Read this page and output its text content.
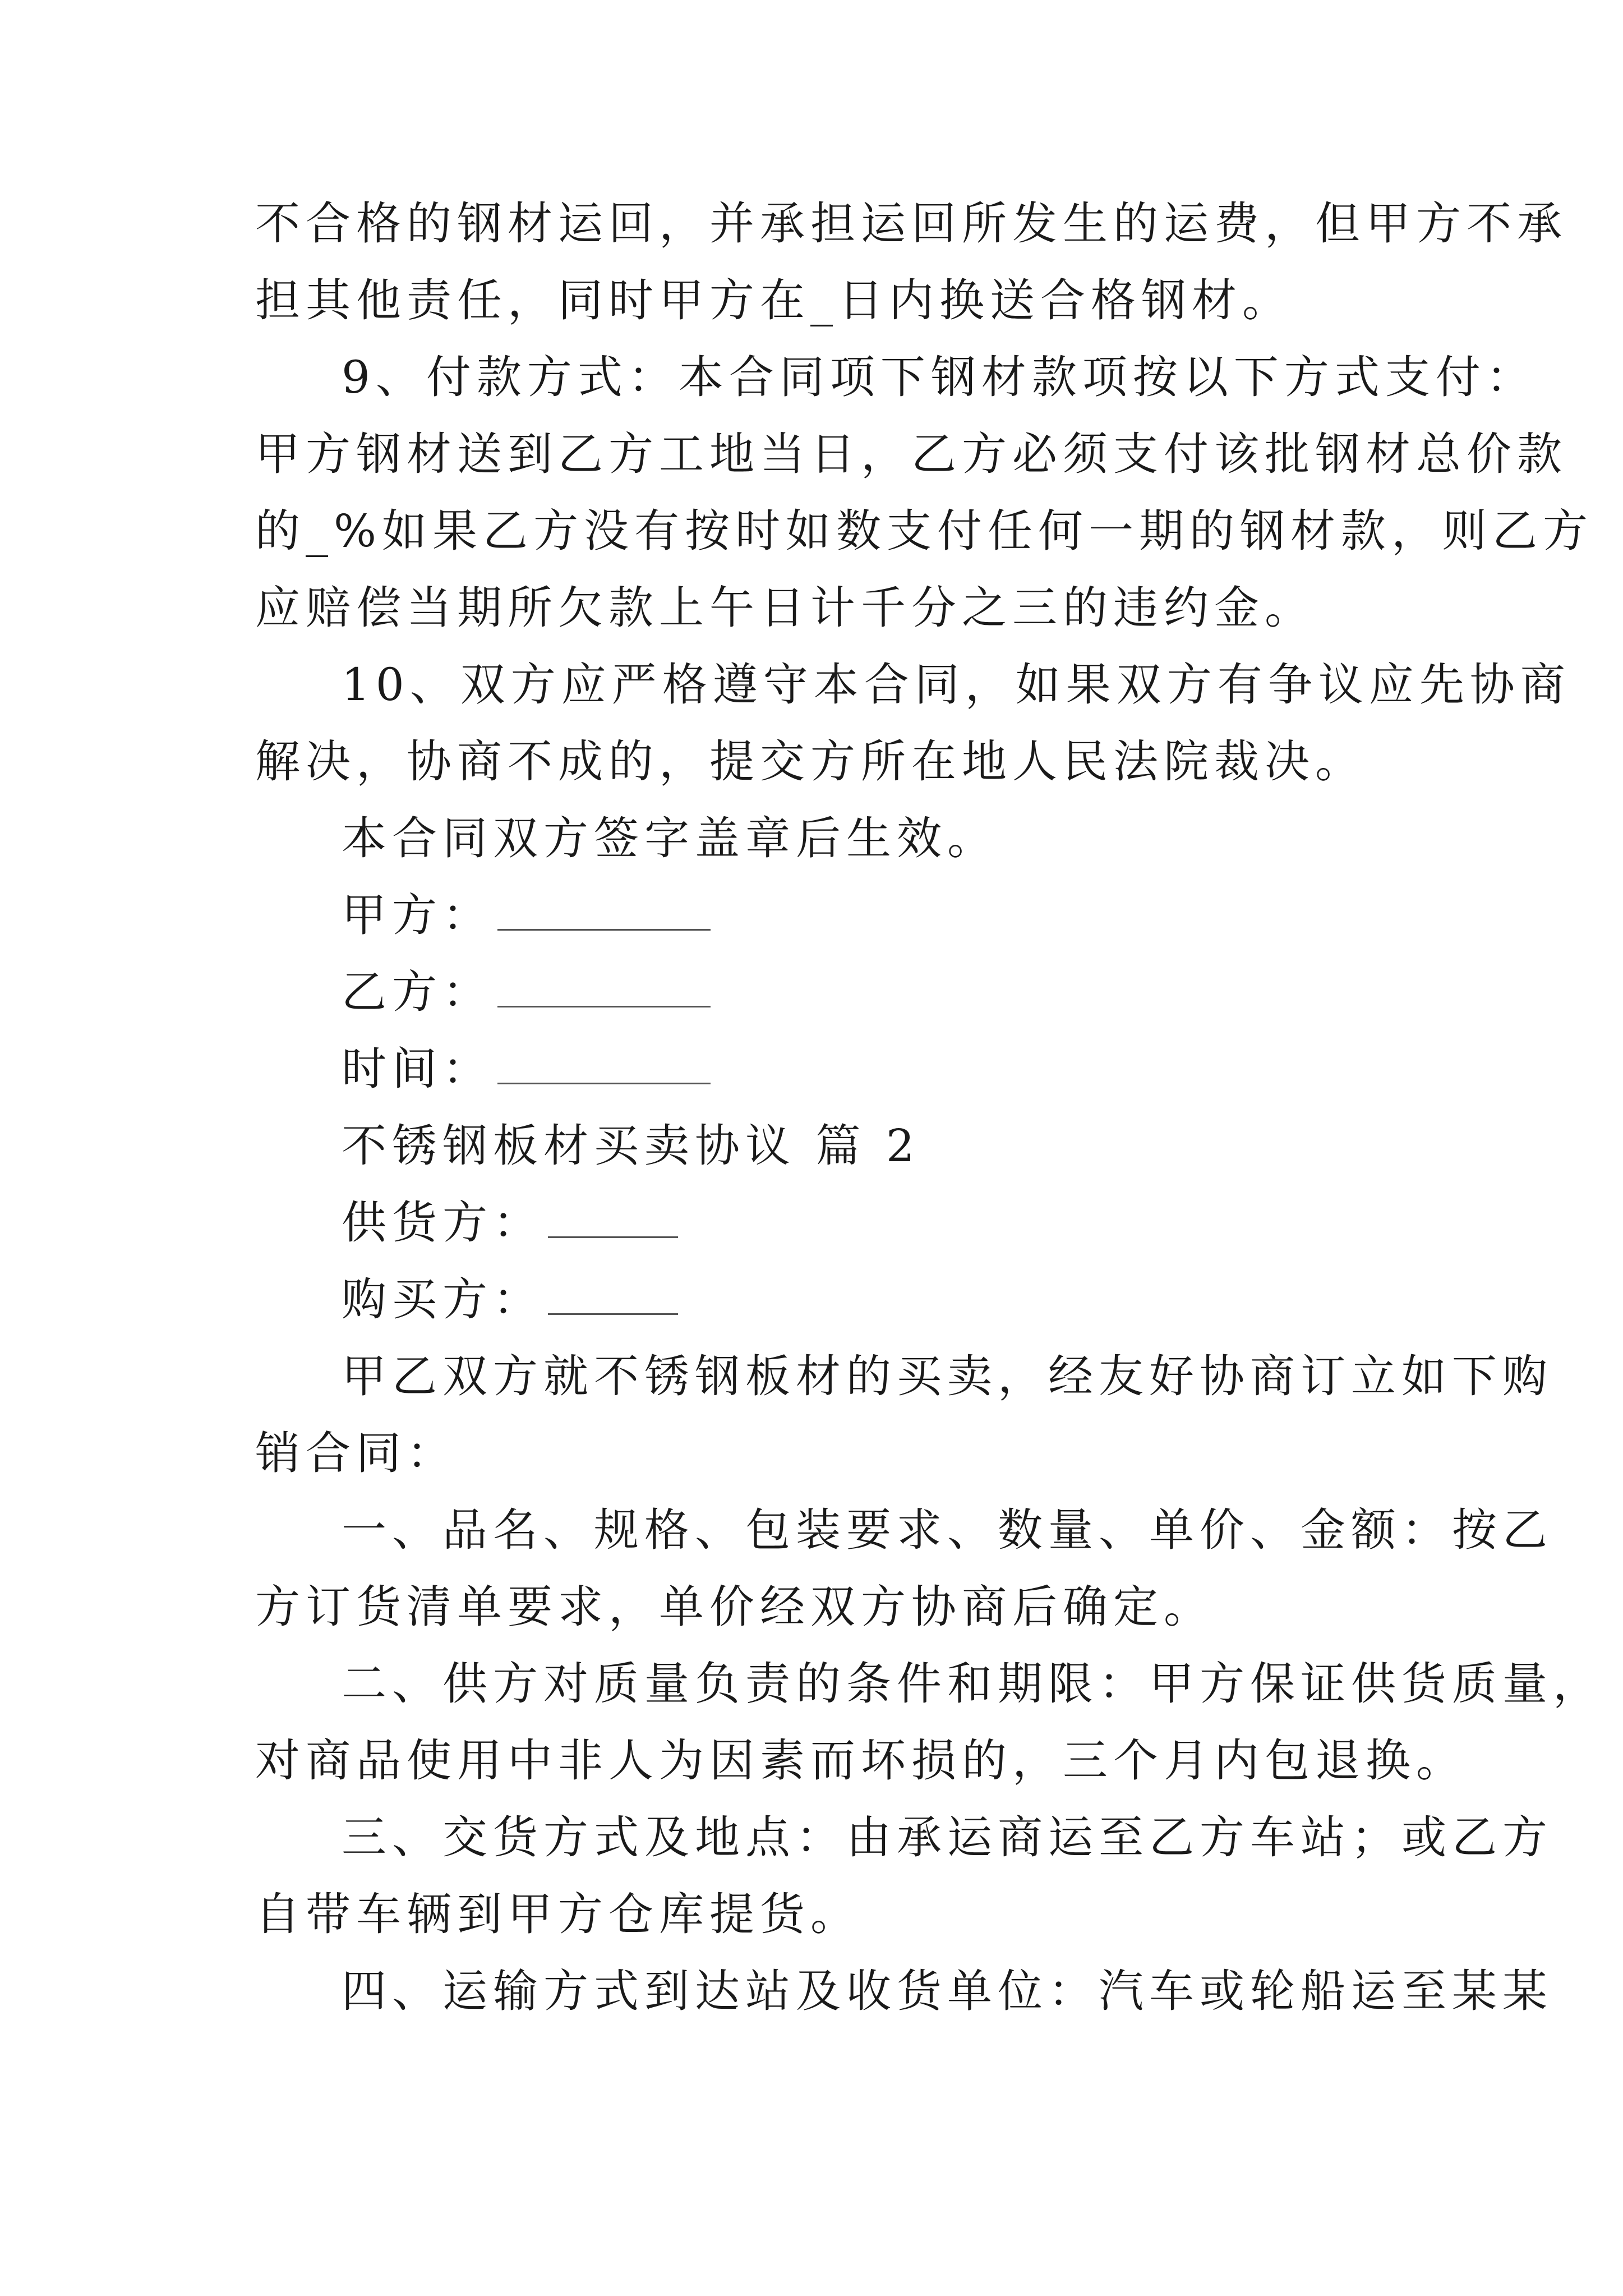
不合格的钢材运回，并承担运回所发生的运费，但甲方不承
担其他责任，同时甲方在_日内换送合格钢材。
9、付款方式：本合同项下钢材款项按以下方式支付：
甲方钢材送到乙方工地当日，乙方必须支付该批钢材总价款
的_%如果乙方没有按时如数支付任何一期的钢材款，则乙方
应赔偿当期所欠款上午日计千分之三的违约金。
10、双方应严格遵守本合同，如果双方有争议应先协商
解决，协商不成的，提交方所在地人民法院裁决。
本合同双方签字盖章后生效。
甲方：
乙方：
时间：
不锈钢板材买卖协议 篇 2
供货方：
购买方：
甲乙双方就不锈钢板材的买卖，经友好协商订立如下购
销合同：
一、品名、规格、包装要求、数量、单价、金额：按乙
方订货清单要求，单价经双方协商后确定。
二、供方对质量负责的条件和期限：甲方保证供货质量，
对商品使用中非人为因素而坏损的，三个月内包退换。
三、交货方式及地点：由承运商运至乙方车站；或乙方
自带车辆到甲方仓库提货。
四、运输方式到达站及收货单位：汽车或轮船运至某某
